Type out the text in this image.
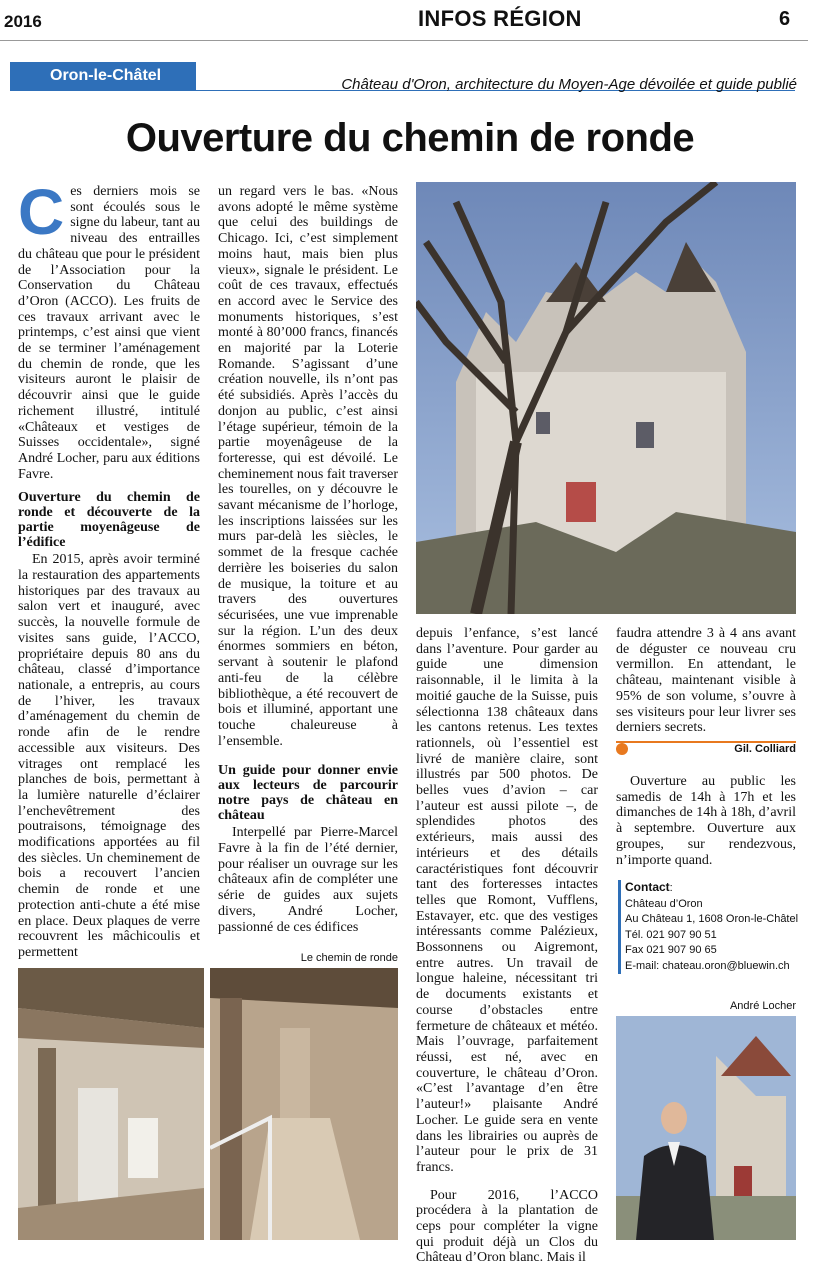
2016	INFOS RÉGION	6
Oron-le-Châtel
Château d'Oron, architecture du Moyen-Age dévoilée et guide publié
Ouverture du chemin de ronde

Ces derniers mois se sont écoulés sous le signe du labeur, tant au niveau des entrailles du château que pour le président de l’Association pour la Conservation du Château d’Oron (ACCO). Les fruits de ces travaux arrivant avec le printemps, c’est ainsi que vient de se terminer l’aménagement du chemin de ronde, que les visiteurs auront le plaisir de découvrir ainsi que le guide richement illustré, intitulé «Châteaux et vestiges de Suisses occidentale», signé André Locher, paru aux éditions Favre.

Ouverture du chemin de ronde et découverte de la partie moyenâgeuse de l’édifice

En 2015, après avoir terminé la restauration des appartements historiques par des travaux au salon vert et inauguré, avec succès, la nouvelle formule de visites sans guide, l’ACCO, propriétaire depuis 80 ans du château, classé d’importance nationale, a entrepris, au cours de l’hiver, les travaux d’aménagement du chemin de ronde afin de le rendre accessible aux visiteurs. Des vitrages ont remplacé les planches de bois, permettant à la lumière naturelle d’éclairer l’enchevêtrement des poutraisons, témoignage des modifications apportées au fil des siècles. Un cheminement de bois a recouvert l’ancien chemin de ronde et une protection anti-chute a été mise en place. Deux plaques de verre recouvrent les mâchicoulis et permettent

un regard vers le bas. «Nous avons adopté le même système que celui des buildings de Chicago. Ici, c’est simplement moins haut, mais bien plus vieux», signale le président. Le coût de ces travaux, effectués en accord avec le Service des monuments historiques, s’est monté à 80’000 francs, financés en majorité par la Loterie Romande. S’agissant d’une création nouvelle, ils n’ont pas été subsidiés. Après l’accès du donjon au public, c’est ainsi l’étage supérieur, témoin de la partie moyenâgeuse de la forteresse, qui est dévoilé. Le cheminement nous fait traverser les tourelles, on y découvre le savant mécanisme de l’horloge, les inscriptions laissées sur les murs par-delà les siècles, le sommet de la fresque cachée derrière les boiseries du salon de musique, la toiture et au travers des ouvertures sécurisées, une vue imprenable sur la région. L’un des deux énormes sommiers en béton, servant à soutenir le plafond anti-feu de la célèbre bibliothèque, a été recouvert de bois et illuminé, apportant une touche chaleureuse à l’ensemble.

Un guide pour donner envie aux lecteurs de parcourir notre pays de château en château

Interpellé par Pierre-Marcel Favre à la fin de l’été dernier, pour réaliser un ouvrage sur les châteaux afin de compléter une série de guides aux sujets divers, André Locher, passionné de ces édifices

depuis l’enfance, s’est lancé dans l’aventure. Pour garder au guide une dimension raisonnable, il le limita à la moitié gauche de la Suisse, puis sélectionna 138 châteaux dans les cantons retenus. Les textes rationnels, où l’essentiel est livré de manière claire, sont illustrés par 500 photos. De belles vues d’avion – car l’auteur est aussi pilote –, de splendides photos des extérieurs, mais aussi des intérieurs et des détails caractéristiques font découvrir tant des forteresses intactes telles que Romont, Vufflens, Estavayer, etc. que des vestiges intéressants comme Palézieux, Bossonnens ou Aigremont, entre autres. Un travail de longue haleine, nécessitant tri de documents existants et course d’obstacles entre fermeture de châteaux et météo. Mais l’ouvrage, parfaitement réussi, est né, avec en couverture, le château d’Oron. «C’est l’avantage d’en être l’auteur!» plaisante André Locher. Le guide sera en vente dans les librairies ou auprès de l’auteur pour le prix de 31 francs.

Pour 2016, l’ACCO procédera à la plantation de ceps pour compléter la vigne qui produit déjà un Clos du Château d’Oron blanc. Mais il

faudra attendre 3 à 4 ans avant de déguster ce nouveau cru vermillon. En attendant, le château, maintenant visible à 95% de son volume, s’ouvre à ses visiteurs pour leur livrer ses derniers secrets.

Gil. Colliard

Ouverture au public les samedis de 14h à 17h et les dimanches de 14h à 18h, d’avril à septembre. Ouverture aux groupes, sur rendezvous, n’importe quand.

Contact:
Château d’Oron
Au Château 1, 1608 Oron-le-Châtel
Tél. 021 907 90 51
Fax 021 907 90 65
E-mail: chateau.oron@bluewin.ch
Le chemin de ronde
André Locher
